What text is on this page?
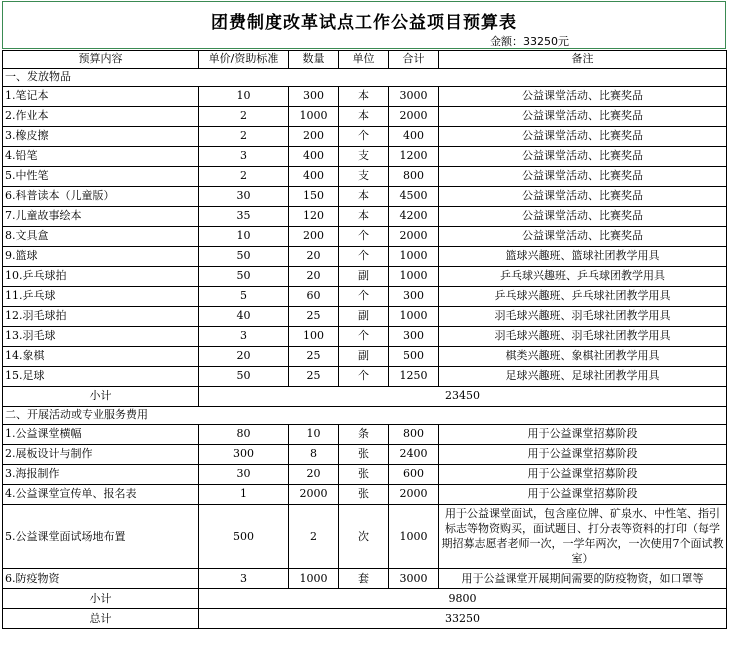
团费制度改革试点工作公益项目预算表
金额：33250元
预算内容	单价/资助标准	数量	单位	合计	备注
一、发放物品					
1.笔记本	10	300	本	3000	公益课堂活动、比赛奖品
2.作业本	2	1000	本	2000	公益课堂活动、比赛奖品
3.橡皮擦	2	200	个	400	公益课堂活动、比赛奖品
4.铅笔	3	400	支	1200	公益课堂活动、比赛奖品
5.中性笔	2	400	支	800	公益课堂活动、比赛奖品
6.科普读本（儿童版）	30	150	本	4500	公益课堂活动、比赛奖品
7.儿童故事绘本	35	120	本	4200	公益课堂活动、比赛奖品
8.文具盒	10	200	个	2000	公益课堂活动、比赛奖品
9.篮球	50	20	个	1000	篮球兴趣班、篮球社团教学用具
10.乒乓球拍	50	20	副	1000	乒乓球兴趣班、乒乓球团教学用具
11.乒乓球	5	60	个	300	乒乓球兴趣班、乒乓球社团教学用具
12.羽毛球拍	40	25	副	1000	羽毛球兴趣班、羽毛球社团教学用具
13.羽毛球	3	100	个	300	羽毛球兴趣班、羽毛球社团教学用具
14.象棋	20	25	副	500	棋类兴趣班、象棋社团教学用具
15.足球	50	25	个	1250	足球兴趣班、足球社团教学用具
小计	23450				
二、开展活动或专业服务费用					
1.公益课堂横幅	80	10	条	800	用于公益课堂招募阶段
2.展板设计与制作	300	8	张	2400	用于公益课堂招募阶段
3.海报制作	30	20	张	600	用于公益课堂招募阶段
4.公益课堂宣传单、报名表	1	2000	张	2000	用于公益课堂招募阶段
5.公益课堂面试场地布置	500	2	次	1000	用于公益课堂面试，包含座位牌、矿泉水、中性笔、指引标志等物资购买，面试题目、打分表等资料的打印（每学期招募志愿者老师一次，一学年两次，一次使用7个面试教室）
6.防疫物资	3	1000	套	3000	用于公益课堂开展期间需要的防疫物资，如口罩等
小计	9800				
总计	33250				
